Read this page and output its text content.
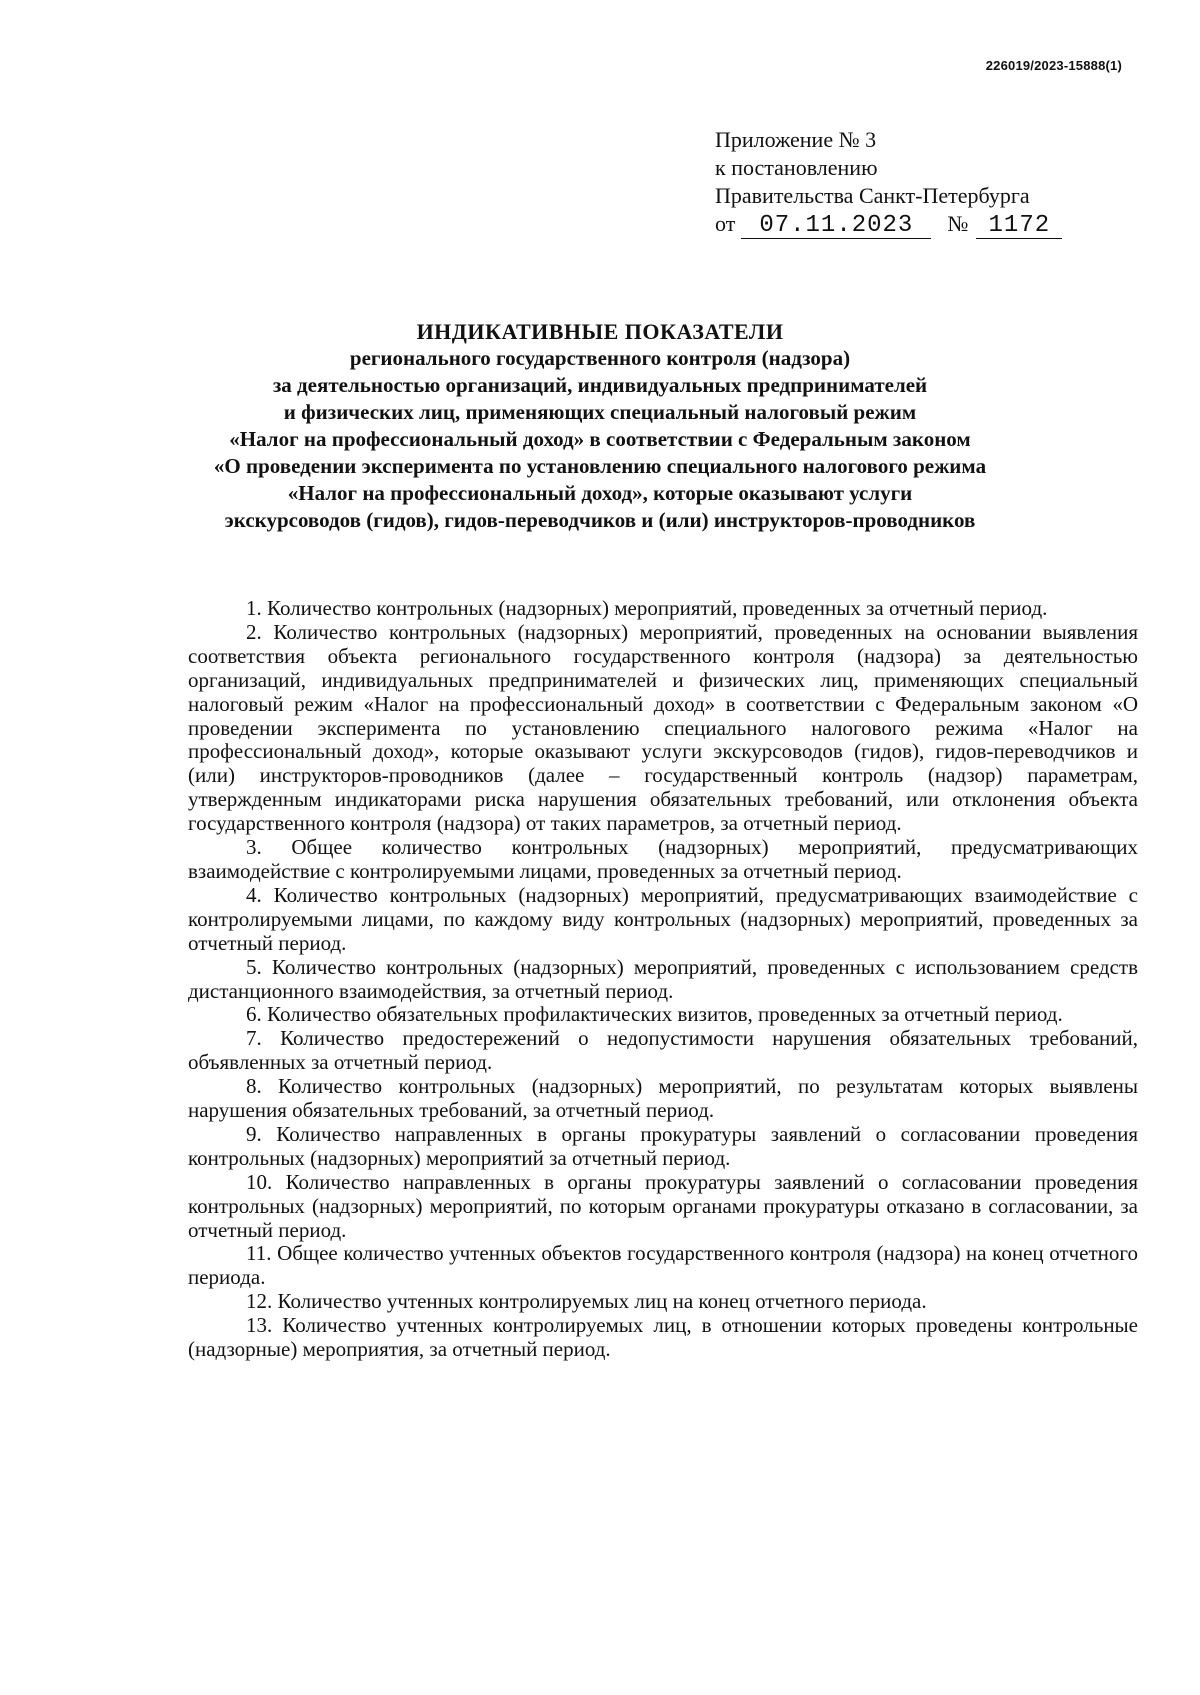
226019/2023-15888(1)
Приложение № 3
к постановлению
Правительства Санкт-Петербурга
от 07.11.2023	№ 1172
ИНДИКАТИВНЫЕ ПОКАЗАТЕЛИ
регионального государственного контроля (надзора)
за деятельностью организаций, индивидуальных предпринимателей
и физических лиц, применяющих специальный налоговый режим
«Налог на профессиональный доход» в соответствии с Федеральным законом
«О проведении эксперимента по установлению специального налогового режима
«Налог на профессиональный доход», которые оказывают услуги
экскурсоводов (гидов), гидов-переводчиков и (или) инструкторов-проводников

1. Количество контрольных (надзорных) мероприятий, проведенных за отчетный период.

2. Количество контрольных (надзорных) мероприятий, проведенных на основании выявления соответствия объекта регионального государственного контроля (надзора) за деятельностью организаций, индивидуальных предпринимателей и физических лиц, применяющих специальный налоговый режим «Налог на профессиональный доход» в соответствии с Федеральным законом «О проведении эксперимента по установлению специального налогового режима «Налог на профессиональный доход», которые оказывают услуги экскурсоводов (гидов), гидов-переводчиков и (или) инструкторов-проводников (далее – государственный контроль (надзор) параметрам, утвержденным индикаторами риска нарушения обязательных требований, или отклонения объекта государственного контроля (надзора) от таких параметров, за отчетный период.

3. Общее количество контрольных (надзорных) мероприятий, предусматривающих взаимодействие с контролируемыми лицами, проведенных за отчетный период.

4. Количество контрольных (надзорных) мероприятий, предусматривающих взаимодействие с контролируемыми лицами, по каждому виду контрольных (надзорных) мероприятий, проведенных за отчетный период.

5. Количество контрольных (надзорных) мероприятий, проведенных с использованием средств дистанционного взаимодействия, за отчетный период.

6. Количество обязательных профилактических визитов, проведенных за отчетный период.

7. Количество предостережений о недопустимости нарушения обязательных требований, объявленных за отчетный период.

8. Количество контрольных (надзорных) мероприятий, по результатам которых выявлены нарушения обязательных требований, за отчетный период.

9. Количество направленных в органы прокуратуры заявлений о согласовании проведения контрольных (надзорных) мероприятий за отчетный период.

10. Количество направленных в органы прокуратуры заявлений о согласовании проведения контрольных (надзорных) мероприятий, по которым органами прокуратуры отказано в согласовании, за отчетный период.

11. Общее количество учтенных объектов государственного контроля (надзора) на конец отчетного периода.

12. Количество учтенных контролируемых лиц на конец отчетного периода.

13. Количество учтенных контролируемых лиц, в отношении которых проведены контрольные (надзорные) мероприятия, за отчетный период.
